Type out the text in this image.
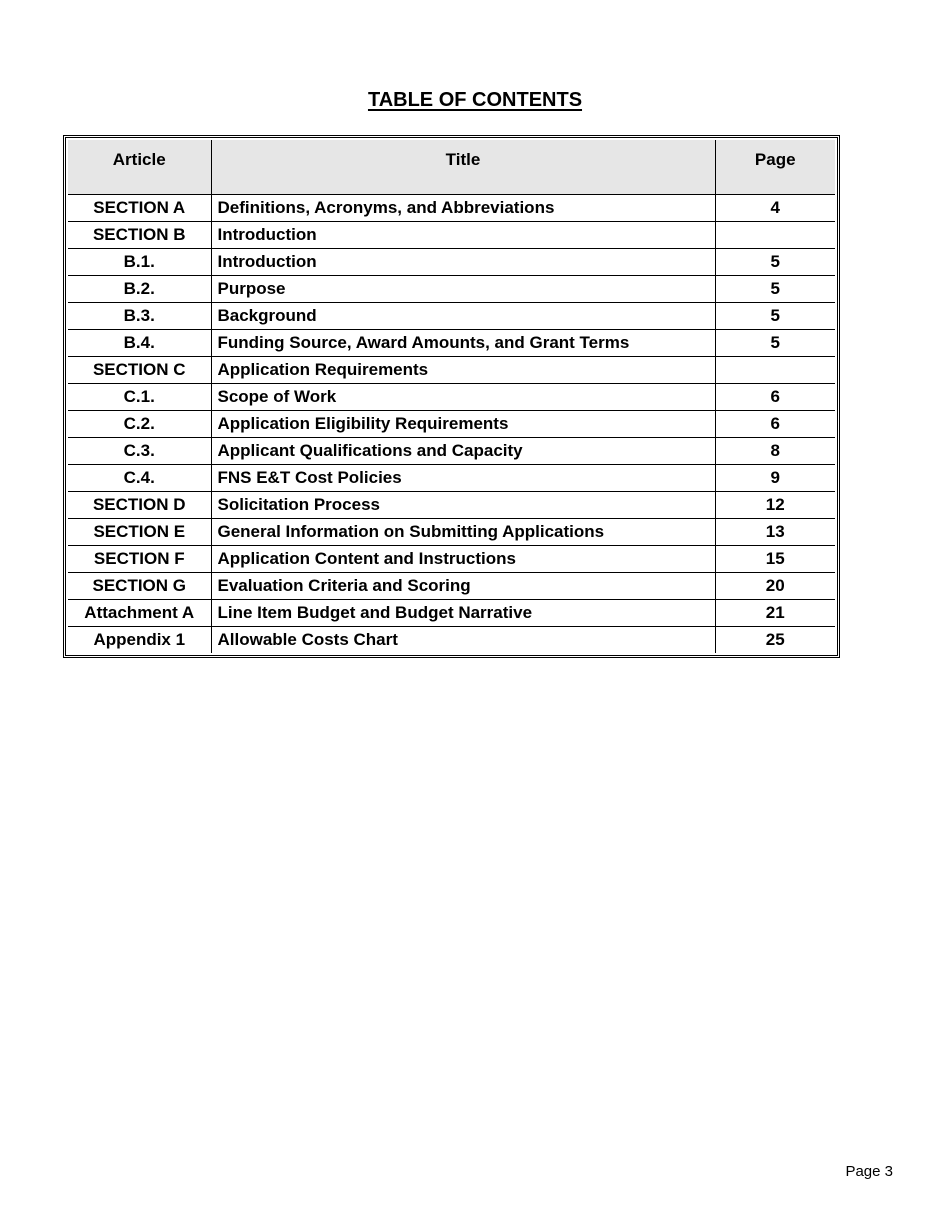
TABLE OF CONTENTS
Article	Title	Page
SECTION A	Definitions, Acronyms, and Abbreviations	4
SECTION B	Introduction	
B.1.	Introduction	5
B.2.	Purpose	5
B.3.	Background	5
B.4.	Funding Source, Award Amounts, and Grant Terms	5
SECTION C	Application Requirements	
C.1.	Scope of Work	6
C.2.	Application Eligibility Requirements	6
C.3.	Applicant Qualifications and Capacity	8
C.4.	FNS E&T Cost Policies	9
SECTION D	Solicitation Process	12
SECTION E	General Information on Submitting Applications	13
SECTION F	Application Content and Instructions	15
SECTION G	Evaluation Criteria and Scoring	20
Attachment A	Line Item Budget and Budget Narrative	21
Appendix 1	Allowable Costs Chart	25
Page 3
